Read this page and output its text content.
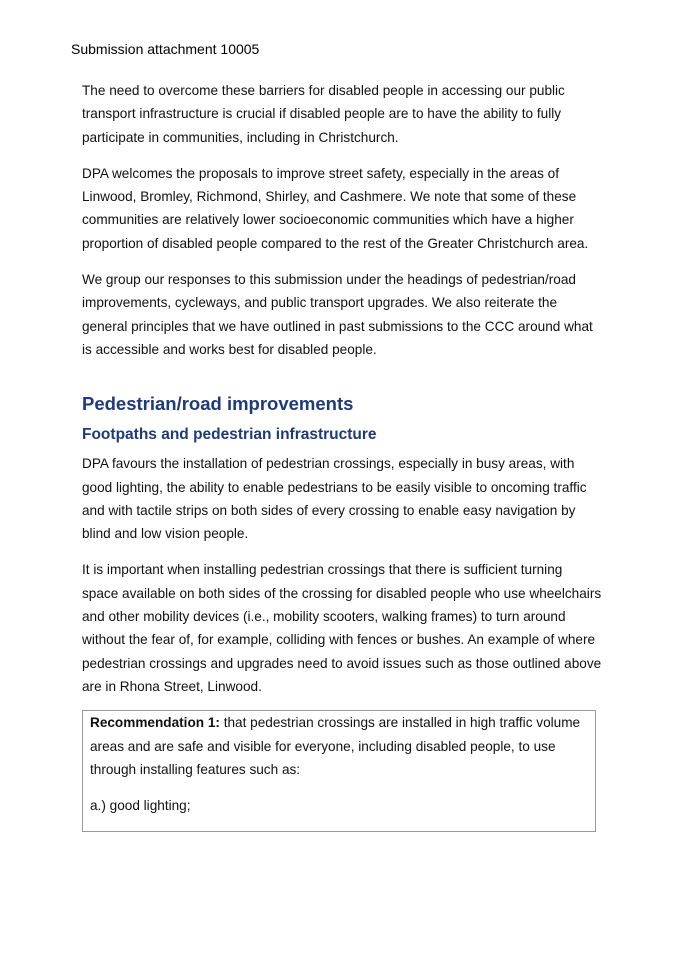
Submission attachment 10005

The need to overcome these barriers for disabled people in accessing our public transport infrastructure is crucial if disabled people are to have the ability to fully participate in communities, including in Christchurch.

DPA welcomes the proposals to improve street safety, especially in the areas of Linwood, Bromley, Richmond, Shirley, and Cashmere. We note that some of these communities are relatively lower socioeconomic communities which have a higher proportion of disabled people compared to the rest of the Greater Christchurch area.

We group our responses to this submission under the headings of pedestrian/road improvements, cycleways, and public transport upgrades. We also reiterate the general principles that we have outlined in past submissions to the CCC around what is accessible and works best for disabled people.

Pedestrian/road improvements
Footpaths and pedestrian infrastructure

DPA favours the installation of pedestrian crossings, especially in busy areas, with good lighting, the ability to enable pedestrians to be easily visible to oncoming traffic and with tactile strips on both sides of every crossing to enable easy navigation by blind and low vision people.

It is important when installing pedestrian crossings that there is sufficient turning space available on both sides of the crossing for disabled people who use wheelchairs and other mobility devices (i.e., mobility scooters, walking frames) to turn around without the fear of, for example, colliding with fences or bushes. An example of where pedestrian crossings and upgrades need to avoid issues such as those outlined above are in Rhona Street, Linwood.

Recommendation 1: that pedestrian crossings are installed in high traffic volume areas and are safe and visible for everyone, including disabled people, to use through installing features such as:

a.) good lighting;
